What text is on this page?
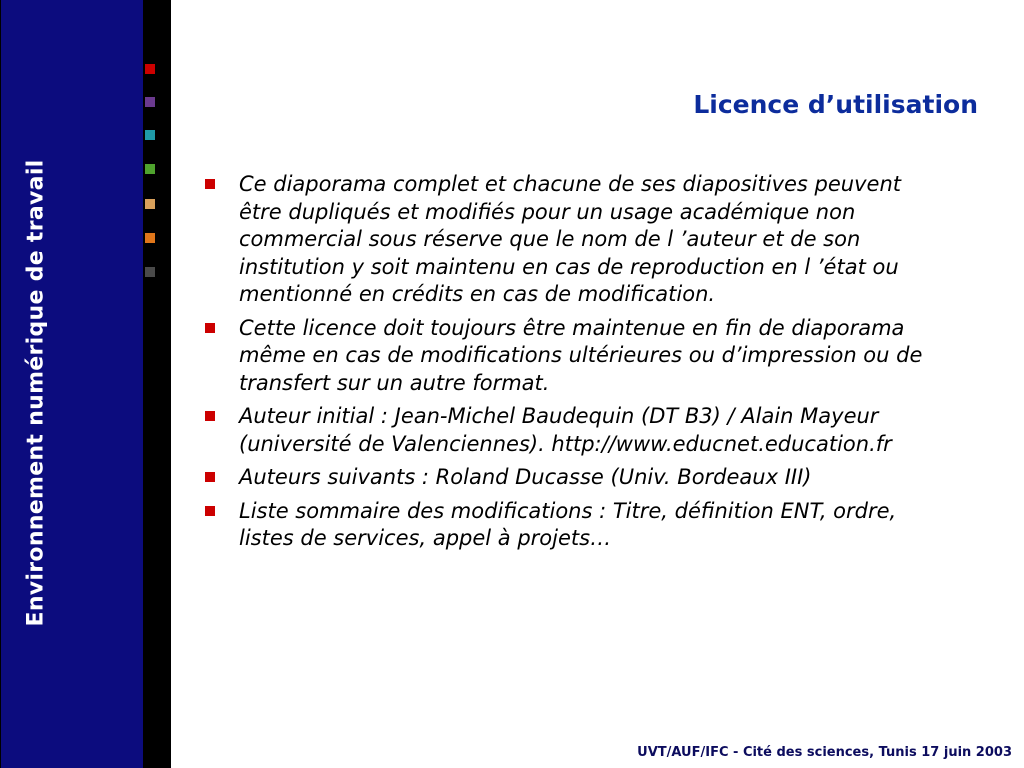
Environnement numérique de travail
Licence d’utilisation
Ce diaporama complet et chacune de ses diapositives peuvent être dupliqués et modifiés pour un usage académique non commercial sous réserve que le nom de l ’auteur et de son institution y soit maintenu en cas de reproduction en l ’état ou mentionné en crédits en cas de modification.
Cette licence doit toujours être maintenue en fin de diaporama même en cas de modifications ultérieures ou d’impression ou de transfert sur un autre format.
Auteur initial : Jean-Michel Baudequin (DT B3) / Alain Mayeur (université de Valenciennes). http://www.educnet.education.fr
Auteurs suivants : Roland Ducasse (Univ. Bordeaux III)
Liste sommaire des modifications : Titre, définition ENT, ordre, listes de services, appel à projets…
UVT/AUF/IFC - Cité des sciences, Tunis 17 juin 2003
